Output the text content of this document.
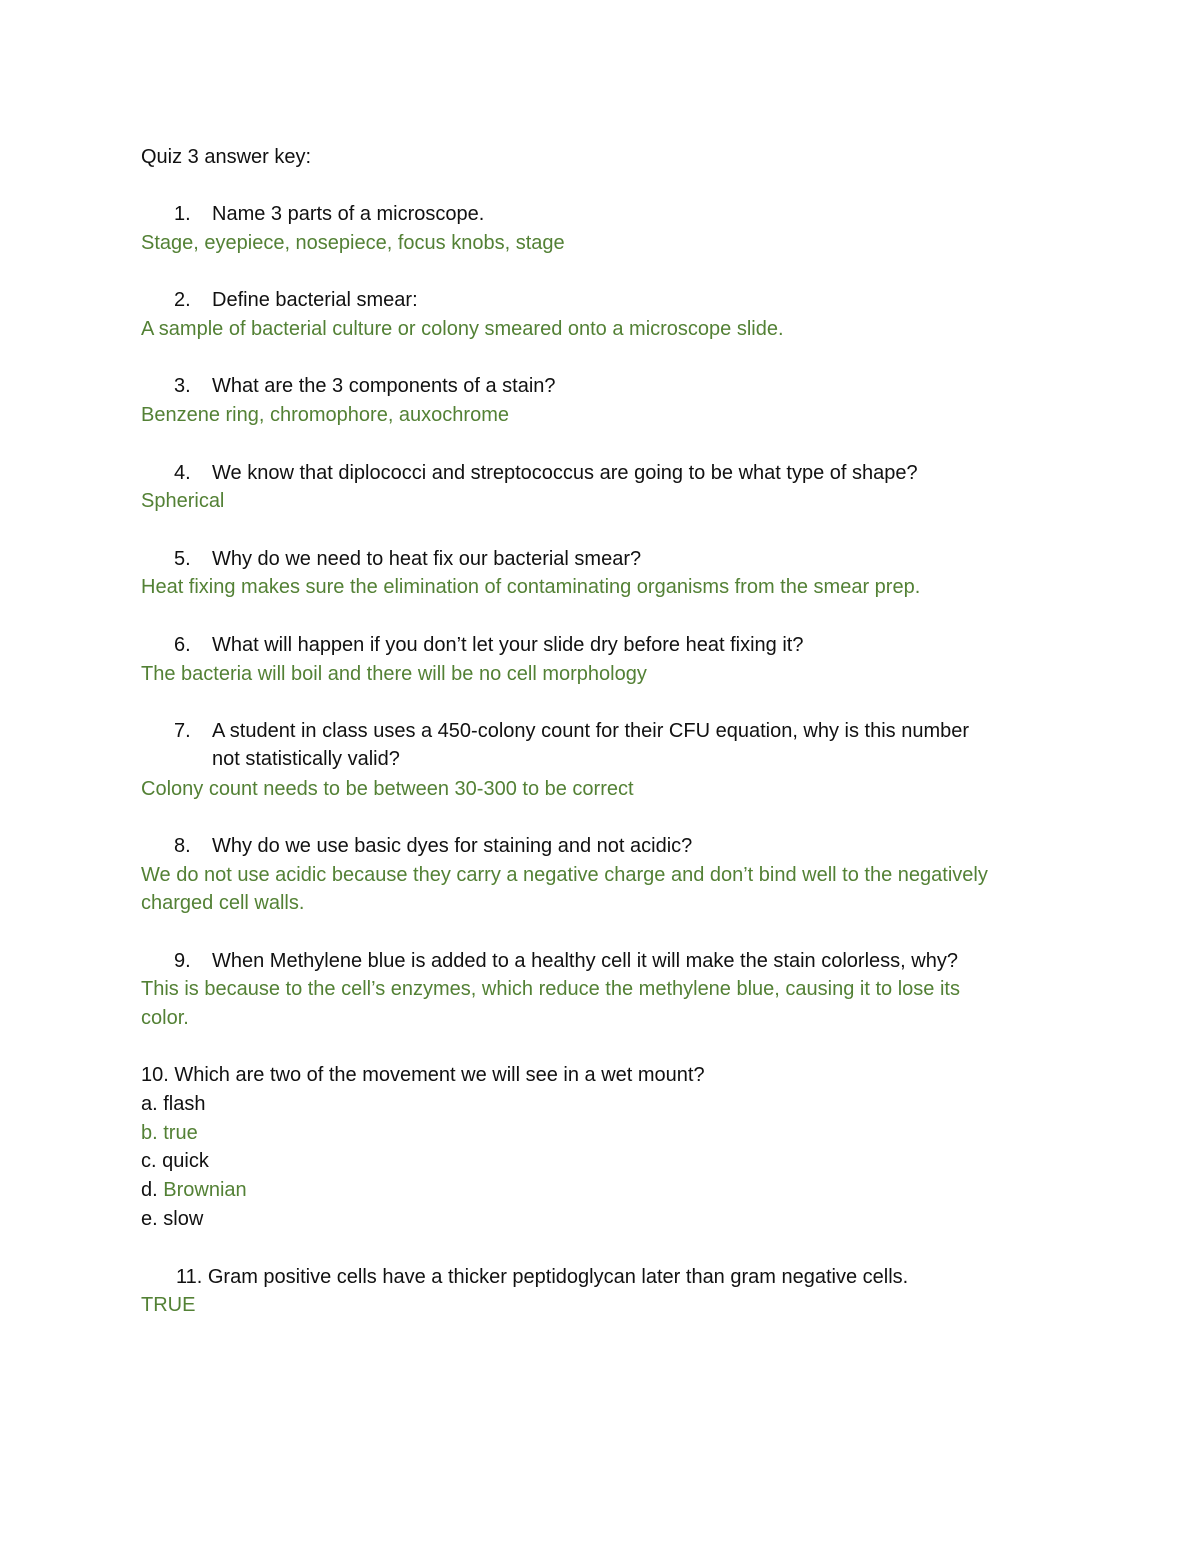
Quiz 3 answer key:
1.	Name 3 parts of a microscope.
Stage, eyepiece, nosepiece, focus knobs, stage
2.	Define bacterial smear:
A sample of bacterial culture or colony smeared onto a microscope slide.
3.	What are the 3 components of a stain?
Benzene ring, chromophore, auxochrome
4.	We know that diplococci and streptococcus are going to be what type of shape?
Spherical
5.	Why do we need to heat fix our bacterial smear?
Heat fixing makes sure the elimination of contaminating organisms from the smear prep.
6.	What will happen if you don’t let your slide dry before heat fixing it?
The bacteria will boil and there will be no cell morphology
7.	A student in class uses a 450-colony count for their CFU equation, why is this number
not statistically valid?
Colony count needs to be between 30-300 to be correct
8.	Why do we use basic dyes for staining and not acidic?
We do not use acidic because they carry a negative charge and don’t bind well to the negatively
charged cell walls.
9.	When Methylene blue is added to a healthy cell it will make the stain colorless, why?
This is because to the cell’s enzymes, which reduce the methylene blue, causing it to lose its
color.
10. Which are two of the movement we will see in a wet mount?
a. flash
b. true
c. quick
d. Brownian
e. slow
11. Gram positive cells have a thicker peptidoglycan later than gram negative cells.
TRUE
